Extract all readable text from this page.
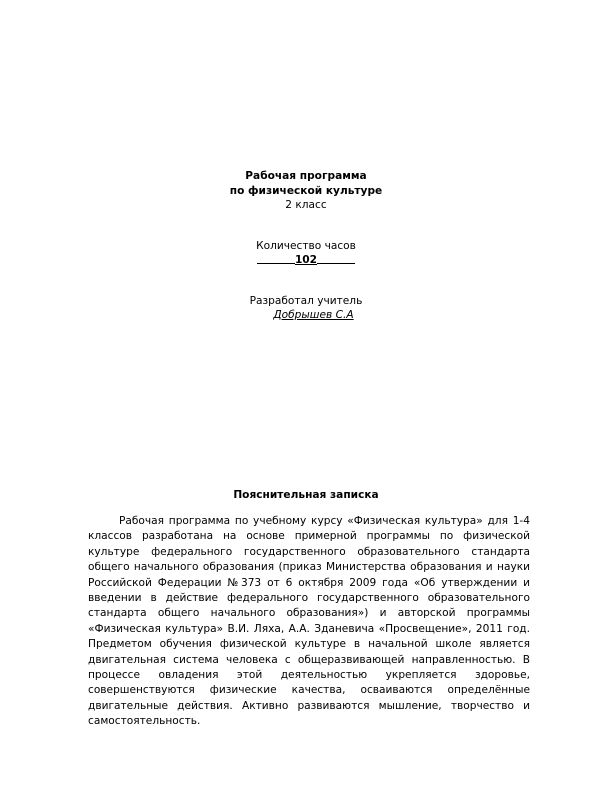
Рабочая программа
по физической культуре
2 класс
Количество часов
102
Разработал учитель
Добрышев С.А
Пояснительная записка

Рабочая программа по учебному курсу «Физическая культура» для 1-4 классов разработана на основе примерной программы по физической культуре федерального государственного образовательного стандарта общего начального образования (приказ Министерства образования и науки Российской Федерации №373 от 6 октября 2009 года «Об утверждении и введении в действие федерального государственного образовательного стандарта общего начального образования») и авторской программы «Физическая культура» В.И. Ляха, А.А. Зданевича «Просвещение», 2011 год. Предметом обучения физической культуре в начальной школе является двигательная система человека с общеразвивающей направленностью. В процессе овладения этой деятельностью укрепляется здоровье, совершенствуются физические качества, осваиваются определённые двигательные действия. Активно развиваются мышление, творчество и самостоятельность.
